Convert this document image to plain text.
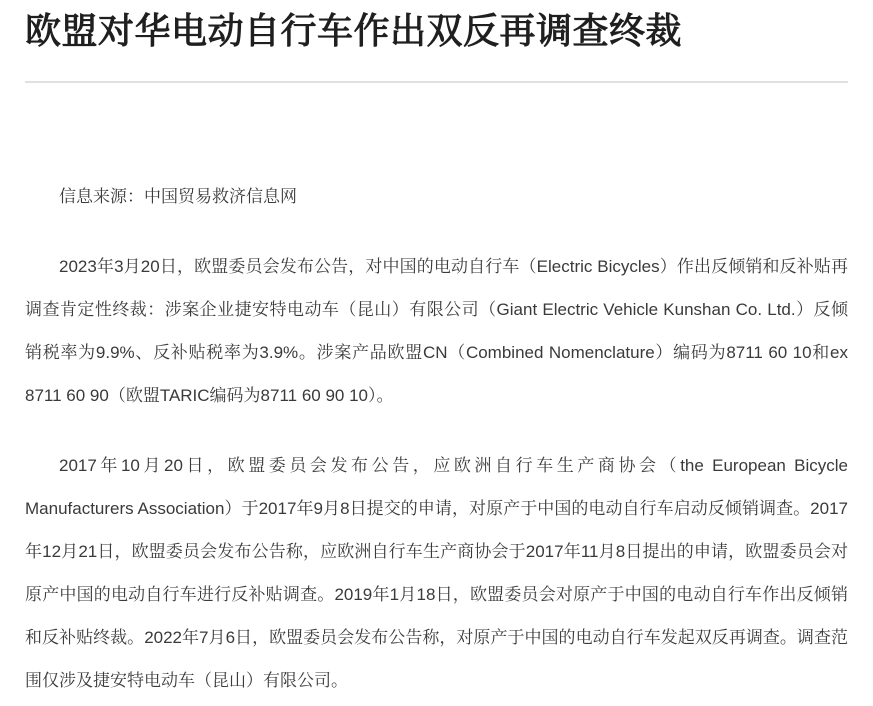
欧盟对华电动自行车作出双反再调查终裁

信息来源：中国贸易救济信息网

2023年3月20日，欧盟委员会发布公告，对中国的电动自行车（Electric Bicycles）作出反倾销和反补贴再调查肯定性终裁：涉案企业捷安特电动车（昆山）有限公司（Giant Electric Vehicle Kunshan Co. Ltd.）反倾销税率为9.9%、反补贴税率为3.9%。涉案产品欧盟CN（Combined Nomenclature）编码为8711 60 10和ex 8711 60 90（欧盟TARIC编码为8711 60 90 10）。

2017年10月20日，欧盟委员会发布公告，应欧洲自行车生产商协会（the European Bicycle Manufacturers Association）于2017年9月8日提交的申请，对原产于中国的电动自行车启动反倾销调查。2017年12月21日，欧盟委员会发布公告称，应欧洲自行车生产商协会于2017年11月8日提出的申请，欧盟委员会对原产中国的电动自行车进行反补贴调查。2019年1月18日，欧盟委员会对原产于中国的电动自行车作出反倾销和反补贴终裁。2022年7月6日，欧盟委员会发布公告称，对原产于中国的电动自行车发起双反再调查。调查范围仅涉及捷安特电动车（昆山）有限公司。
